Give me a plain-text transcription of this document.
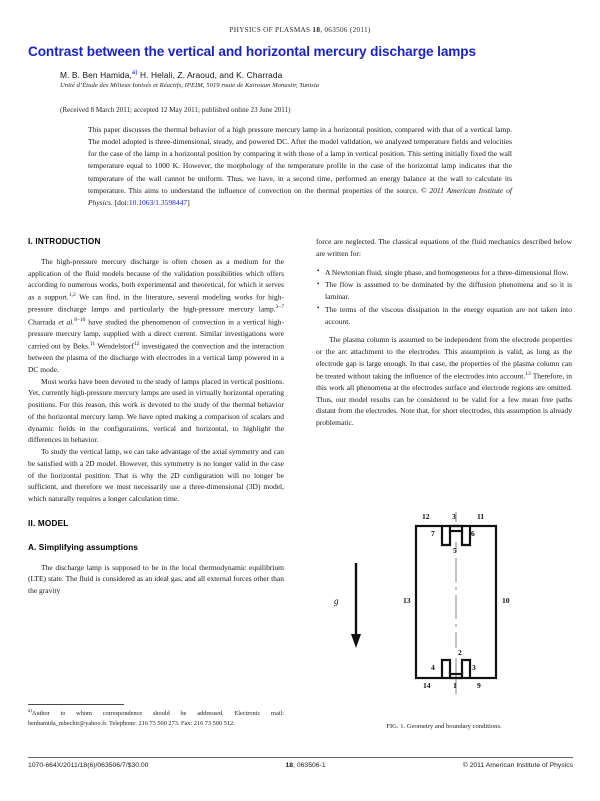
PHYSICS OF PLASMAS 18, 063506 (2011)
Contrast between the vertical and horizontal mercury discharge lamps
M. B. Ben Hamida,$^{a)}$ H. Helali, Z. Araoud, and K. Charrada
Unité d’Étude des Milieux Ionisés et Réactifs, IPEIM, 5019 route de Kairouan Monastir, Tunisia
(Received 8 March 2011; accepted 12 May 2011; published online 23 June 2011)
This paper discusses the thermal behavior of a high pressure mercury lamp in a horizontal position, compared with that of a vertical lamp. The model adopted is three-dimensional, steady, and powered DC. After the model validation, we analyzed temperature fields and velocities for the case of the lamp in a horizontal position by comparing it with those of a lamp in vertical position. This setting initially fixed the wall temperature equal to 1000 K. However, the morphology of the temperature profile in the case of the horizontal lamp indicates that the temperature of the wall cannot be uniform. Thus, we have, in a second time, performed an energy balance at the wall to calculate its temperature. This aims to understand the influence of convection on the thermal properties of the source. © 2011 American Institute of Physics. [doi:10.1063/1.3598447]
I. INTRODUCTION

The high-pressure mercury discharge is often chosen as a medium for the application of the fluid models because of the validation possibilities which offers according to numerous works, both experimental and theoretical, for which it serves as a support.$^{1,2}$ We can find, in the literature, several modeling works for high-pressure discharge lamps and particularly the high-pressure mercury lamp.$^{3-7}$ Charrada et al.$^{8-10}$ have studied the phenomenon of convection in a vertical high-pressure mercury lamp, supplied with a direct current. Similar investigations were carried out by Beks.$^{11}$ Wendelstorf$^{12}$ investigated the convection and the interaction between the plasma of the discharge with electrodes in a vertical lamp powered in a DC mode.

Most works have been devoted to the study of lamps placed in vertical positions. Yet, currently high-pressure mercury lamps are used in virtually horizontal operating positions. For this reason, this work is devoted to the study of the thermal behavior of the horizontal mercury lamp. We have opted making a comparison of scalars and dynamic fields in the configurations, vertical and horizontal, to highlight the differences in behavior.

To study the vertical lamp, we can take advantage of the axial symmetry and can be satisfied with a 2D model. However, this symmetry is no longer valid in the case of the horizontal position. That is why the 2D configuration will no longer be sufficient, and therefore we must necessarily use a three-dimensional (3D) model, which naturally requires a longer calculation time.

II. MODEL
A. Simplifying assumptions

The discharge lamp is supposed to be in the local thermodynamic equilibrium (LTE) state. The fluid is considered as an ideal gas, and all external forces other than the gravity

force are neglected. The classical equations of the fluid mechanics described below are written for:

• A Newtonian fluid, single phase, and homogeneous for a three-dimensional flow.
• The flow is assumed to be dominated by the diffusion phenomena and so it is laminar.
• The terms of the viscous dissipation in the energy equation are not taken into account.

The plasma column is assumed to be independent from the electrode properties or the arc attachment to the electrodes. This assumption is valid, as long as the electrode gap is large enough. In that case, the properties of the plasma column can be treated without taking the influence of the electrodes into account.$^{13}$ Therefore, in this work all phenomena at the electrodes surface and electrode regions are omitted. Thus, our model results can be considered to be valid for a few mean free paths distant from the electrodes. Note that, for short electrodes, this assumption is already problematic.

g
12	3	11
7	6
5
13	10
2
4	3
14	1	9
FIG. 1. Geometry and boundary conditions.
$^{a)}$Author to whom correspondence should be addressed. Electronic mail: benhamida_mbechir@yahoo.fr. Telephone: 216 73 500 273. Fax: 216 73 500 512.
1070-664X/2011/18(6)/063506/7/$30.00	18, 063506-1	© 2011 American Institute of Physics
